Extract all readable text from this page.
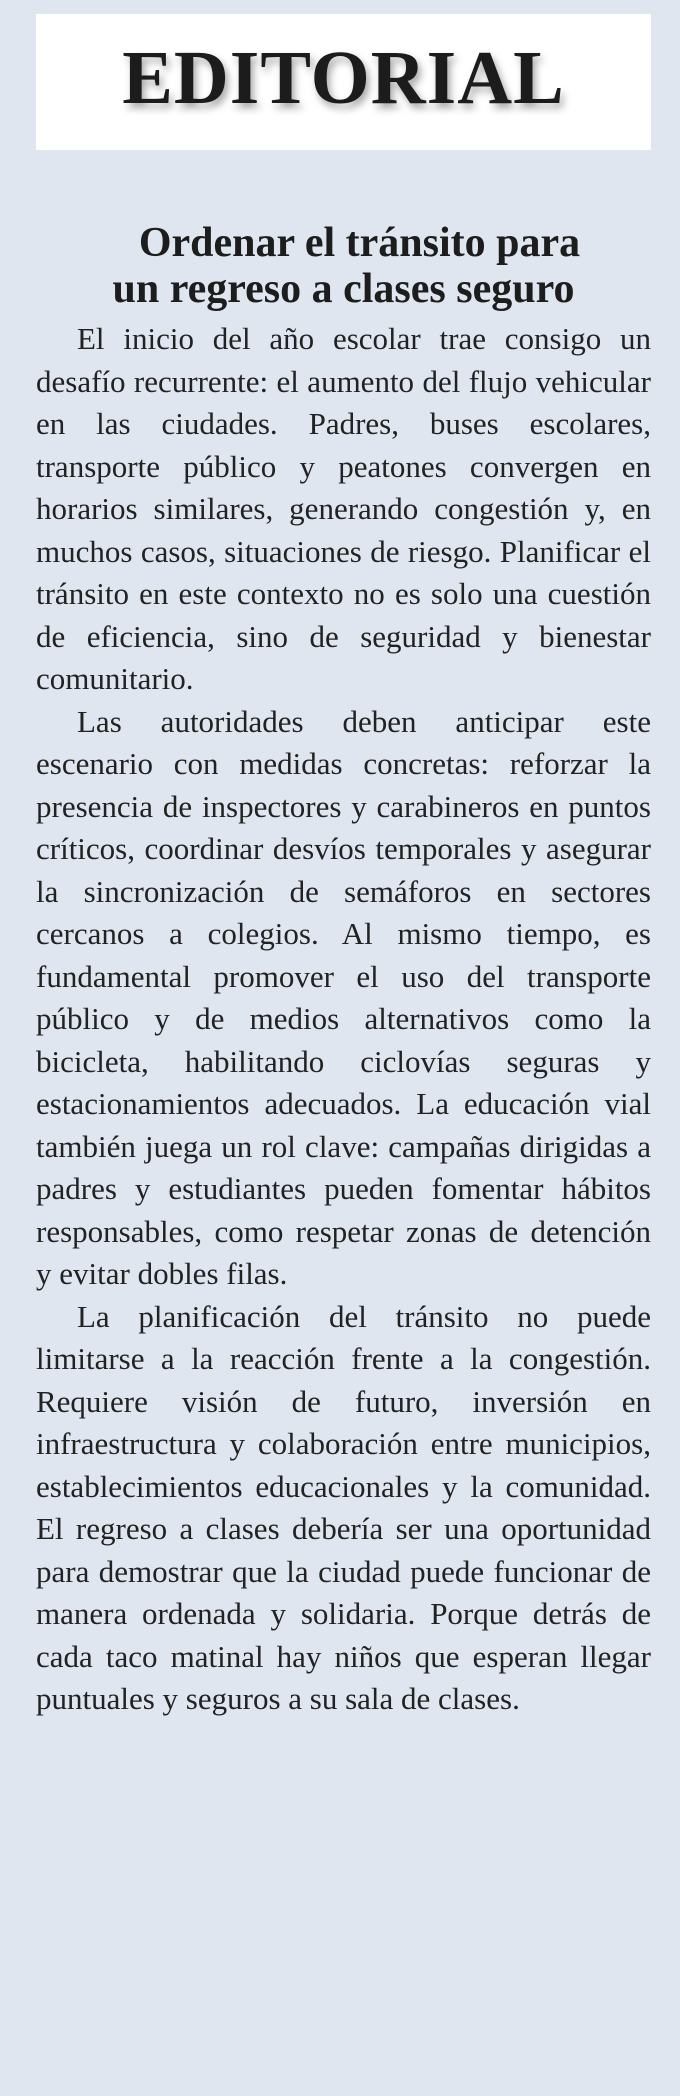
EDITORIAL
Ordenar el tránsito para
un regreso a clases seguro

El inicio del año escolar trae consigo un desafío recurrente: el aumento del flujo vehicular en las ciudades. Padres, buses escolares, transporte público y peatones convergen en horarios similares, generando congestión y, en muchos casos, situaciones de riesgo. Planificar el tránsito en este contexto no es solo una cuestión de eficiencia, sino de seguridad y bienestar comunitario.

Las autoridades deben anticipar este escenario con medidas concretas: reforzar la presencia de inspectores y carabineros en puntos críticos, coordinar desvíos temporales y asegurar la sincronización de semáforos en sectores cercanos a colegios. Al mismo tiempo, es fundamental promover el uso del transporte público y de medios alternativos como la bicicleta, habilitando ciclovías seguras y estacionamientos adecuados. La educación vial también juega un rol clave: campañas dirigidas a padres y estudiantes pueden fomentar hábitos responsables, como respetar zonas de detención y evitar dobles filas.

La planificación del tránsito no puede limitarse a la reacción frente a la congestión. Requiere visión de futuro, inversión en infraestructura y colaboración entre municipios, establecimientos educacionales y la comunidad. El regreso a clases debería ser una oportunidad para demostrar que la ciudad puede funcionar de manera ordenada y solidaria. Porque detrás de cada taco matinal hay niños que esperan llegar puntuales y seguros a su sala de clases.
